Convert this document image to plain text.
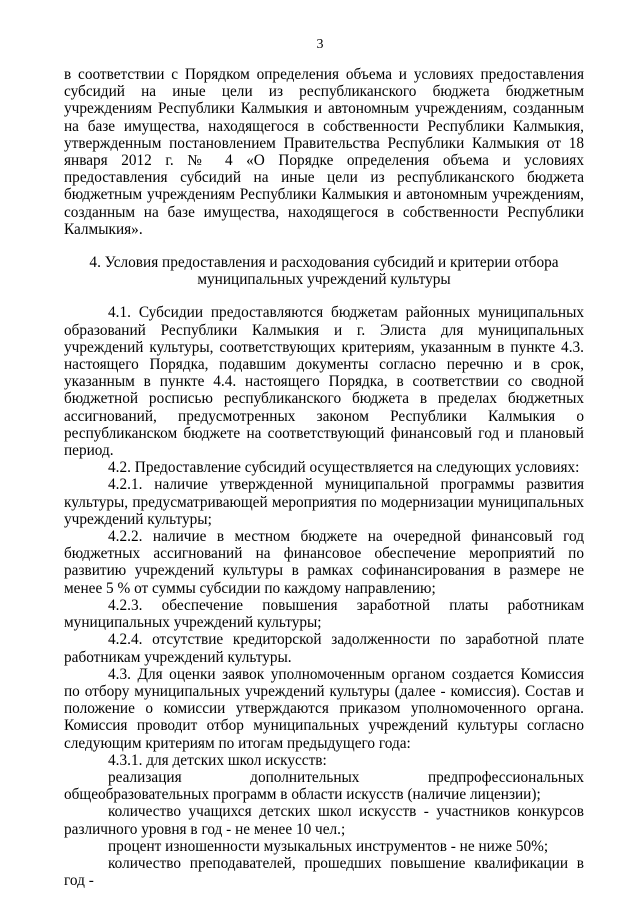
3

в соответствии с Порядком определения объема и условиях предоставления субсидий на иные цели из республиканского бюджета бюджетным учреждениям Республики Калмыкия и автономным учреждениям, созданным на базе имущества, находящегося в собственности Республики Калмыкия, утвержденным постановлением Правительства Республики Калмыкия от 18 января 2012 г. № 4 «О Порядке определения объема и условиях предоставления субсидий на иные цели из республиканского бюджета бюджетным учреждениям Республики Калмыкия и автономным учреждениям, созданным на базе имущества, находящегося в собственности Республики Калмыкия».

4. Условия предоставления и расходования субсидий и критерии отбора
муниципальных учреждений культуры

4.1. Субсидии предоставляются бюджетам районных муниципальных образований Республики Калмыкия и г. Элиста для муниципальных учреждений культуры, соответствующих критериям, указанным в пункте 4.3. настоящего Порядка, подавшим документы согласно перечню и в срок, указанным в пункте 4.4. настоящего Порядка, в соответствии со сводной бюджетной росписью республиканского бюджета в пределах бюджетных ассигнований, предусмотренных законом Республики Калмыкия о республиканском бюджете на соответствующий финансовый год и плановый период.

4.2. Предоставление субсидий осуществляется на следующих условиях:

4.2.1. наличие утвержденной муниципальной программы развития культуры, предусматривающей мероприятия по модернизации муниципальных учреждений культуры;

4.2.2. наличие в местном бюджете на очередной финансовый год бюджетных ассигнований на финансовое обеспечение мероприятий по развитию учреждений культуры в рамках софинансирования в размере не менее 5 % от суммы субсидии по каждому направлению;

4.2.3. обеспечение повышения заработной платы работникам муниципальных учреждений культуры;

4.2.4. отсутствие кредиторской задолженности по заработной плате работникам учреждений культуры.

4.3. Для оценки заявок уполномоченным органом создается Комиссия по отбору муниципальных учреждений культуры (далее - комиссия). Состав и положение о комиссии утверждаются приказом уполномоченного органа. Комиссия проводит отбор муниципальных учреждений культуры согласно следующим критериям по итогам предыдущего года:

4.3.1. для детских школ искусств:

реализация дополнительных предпрофессиональных общеобразовательных программ в области искусств (наличие лицензии);

количество учащихся детских школ искусств - участников конкурсов различного уровня в год - не менее 10 чел.;

процент изношенности музыкальных инструментов - не ниже 50%;

количество преподавателей, прошедших повышение квалификации в год -
